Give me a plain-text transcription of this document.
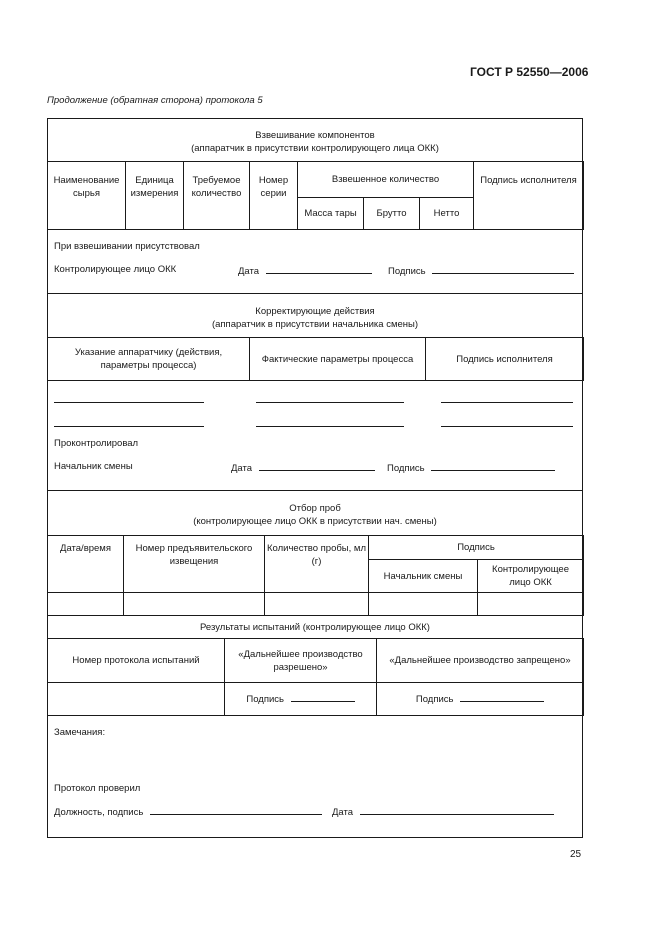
ГОСТ Р 52550—2006
Продолжение (обратная сторона) протокола 5
Взвешивание компонентов
(аппаратчик в присутствии контролирующего лица ОКК)
Наименование сырья	Единица измерения	Требуемое количество	Номер серии	Взвешенное количество			Подпись исполнителя
				Масса тары	Брутто	Нетто	
При взвешивании присутствовал
Контролирующее лицо ОКК	Дата	Подпись
Корректирующие действия
(аппаратчик в присутствии начальника смены)
Указание аппаратчику (действия, параметры процесса)	Фактические параметры процесса	Подпись исполнителя
Проконтролировал
Начальник смены	Дата	Подпись
Отбор проб
(контролирующее лицо ОКК в присутствии нач. смены)
Дата/время	Номер предъявительского извещения	Количество пробы, мл (г)	Подпись	
			Начальник смены	Контролирующее лицо ОКК

Результаты испытаний (контролирующее лицо ОКК)
Номер протокола испытаний	«Дальнейшее производство разрешено»	«Дальнейшее производство запрещено»
	Подпись	Подпись
Замечания:
Протокол проверил
Должность, подпись	Дата
25
